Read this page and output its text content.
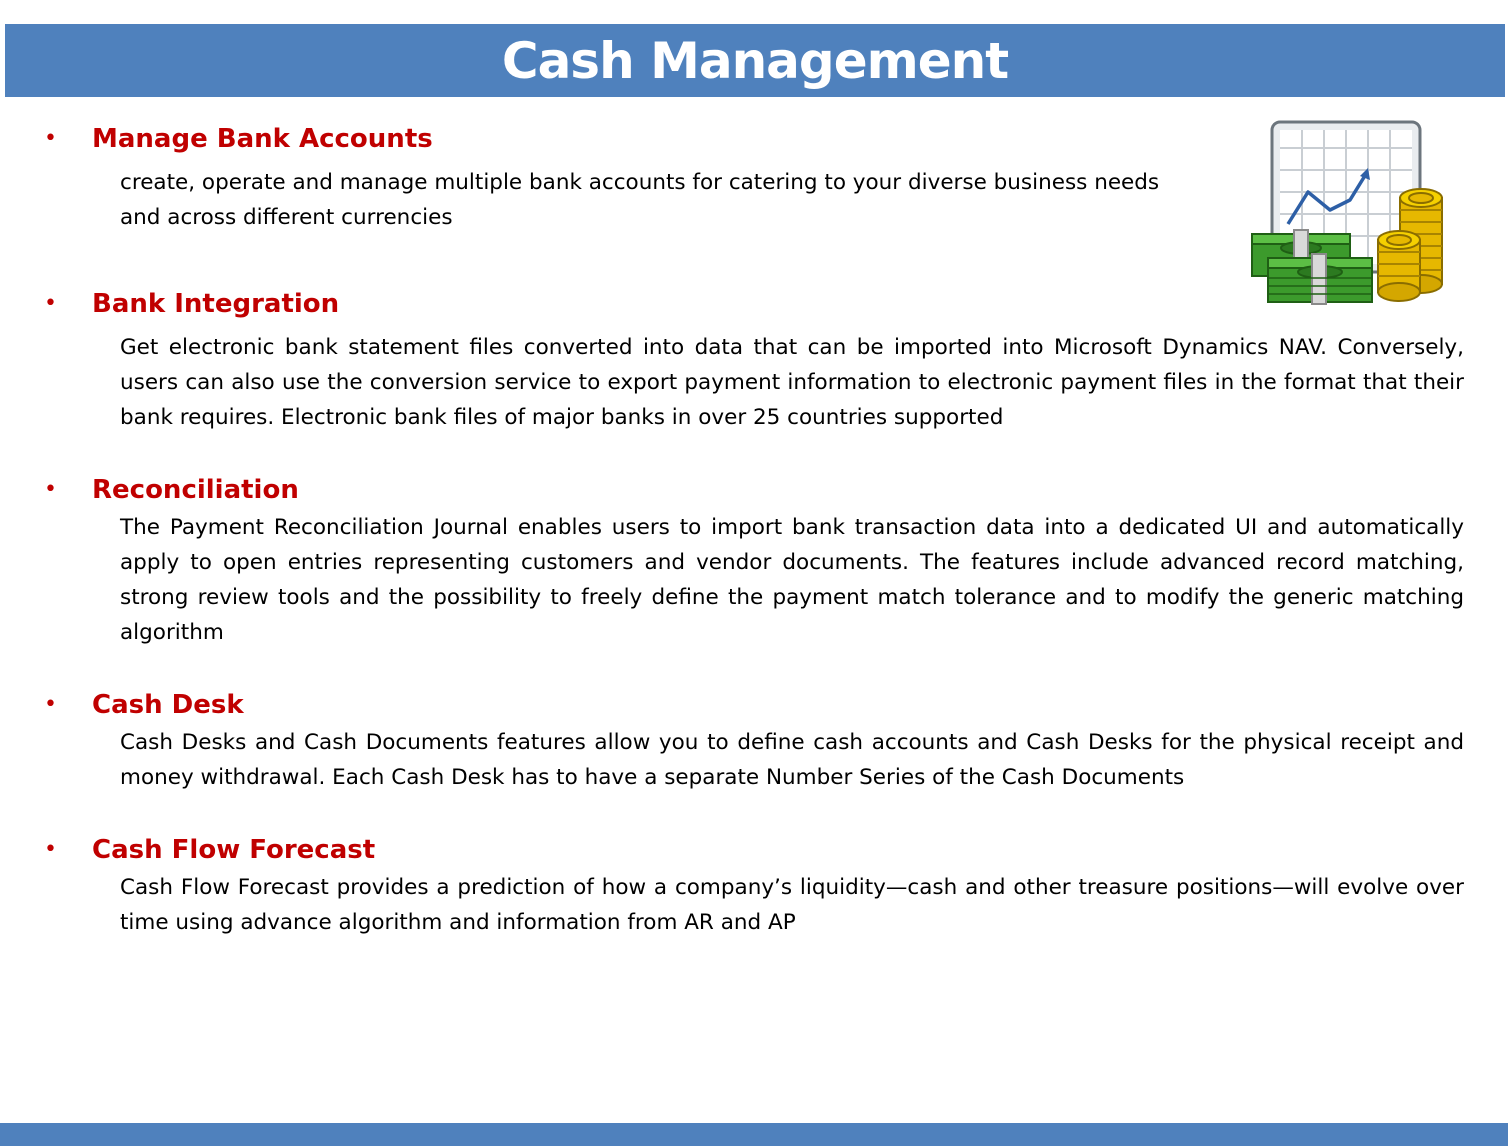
Cash Management
• Manage Bank Accounts
create, operate and manage multiple bank accounts for catering to your diverse business needs and across different currencies
• Bank Integration
Get electronic bank statement files converted into data that can be imported into Microsoft Dynamics NAV. Conversely, users can also use the conversion service to export payment information to electronic payment files in the format that their bank requires. Electronic bank files of major banks in over 25 countries supported
• Reconciliation
The Payment Reconciliation Journal enables users to import bank transaction data into a dedicated UI and automatically apply to open entries representing customers and vendor documents. The features include advanced record matching, strong review tools and the possibility to freely define the payment match tolerance and to modify the generic matching algorithm
• Cash Desk
Cash Desks and Cash Documents features allow you to define cash accounts and Cash Desks for the physical receipt and money withdrawal. Each Cash Desk has to have a separate Number Series of the Cash Documents
• Cash Flow Forecast
Cash Flow Forecast provides a prediction of how a company’s liquidity—cash and other treasure positions—will evolve over time using advance algorithm and information from AR and AP
